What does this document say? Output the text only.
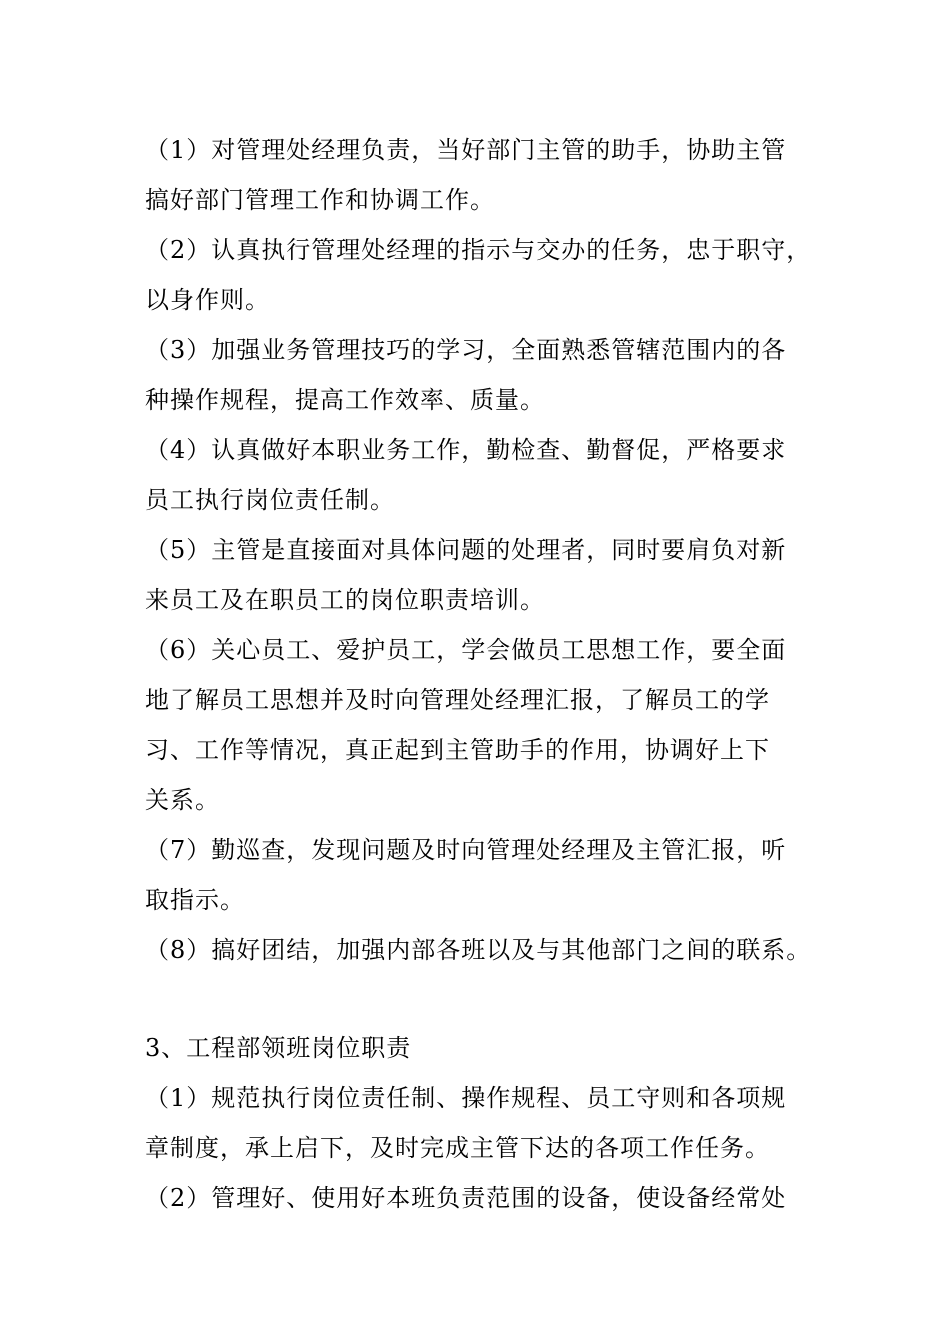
（1）对管理处经理负责，当好部门主管的助手，协助主管
搞好部门管理工作和协调工作。
（2）认真执行管理处经理的指示与交办的任务，忠于职守，
以身作则。
（3）加强业务管理技巧的学习，全面熟悉管辖范围内的各
种操作规程，提高工作效率、质量。
（4）认真做好本职业务工作，勤检查、勤督促，严格要求
员工执行岗位责任制。
（5）主管是直接面对具体问题的处理者，同时要肩负对新
来员工及在职员工的岗位职责培训。
（6）关心员工、爱护员工，学会做员工思想工作，要全面
地了解员工思想并及时向管理处经理汇报，了解员工的学
习、工作等情况，真正起到主管助手的作用，协调好上下
关系。
（7）勤巡查，发现问题及时向管理处经理及主管汇报，听
取指示。
（8）搞好团结，加强内部各班以及与其他部门之间的联系。
3、工程部领班岗位职责
（1）规范执行岗位责任制、操作规程、员工守则和各项规
章制度，承上启下，及时完成主管下达的各项工作任务。
（2）管理好、使用好本班负责范围的设备，使设备经常处
